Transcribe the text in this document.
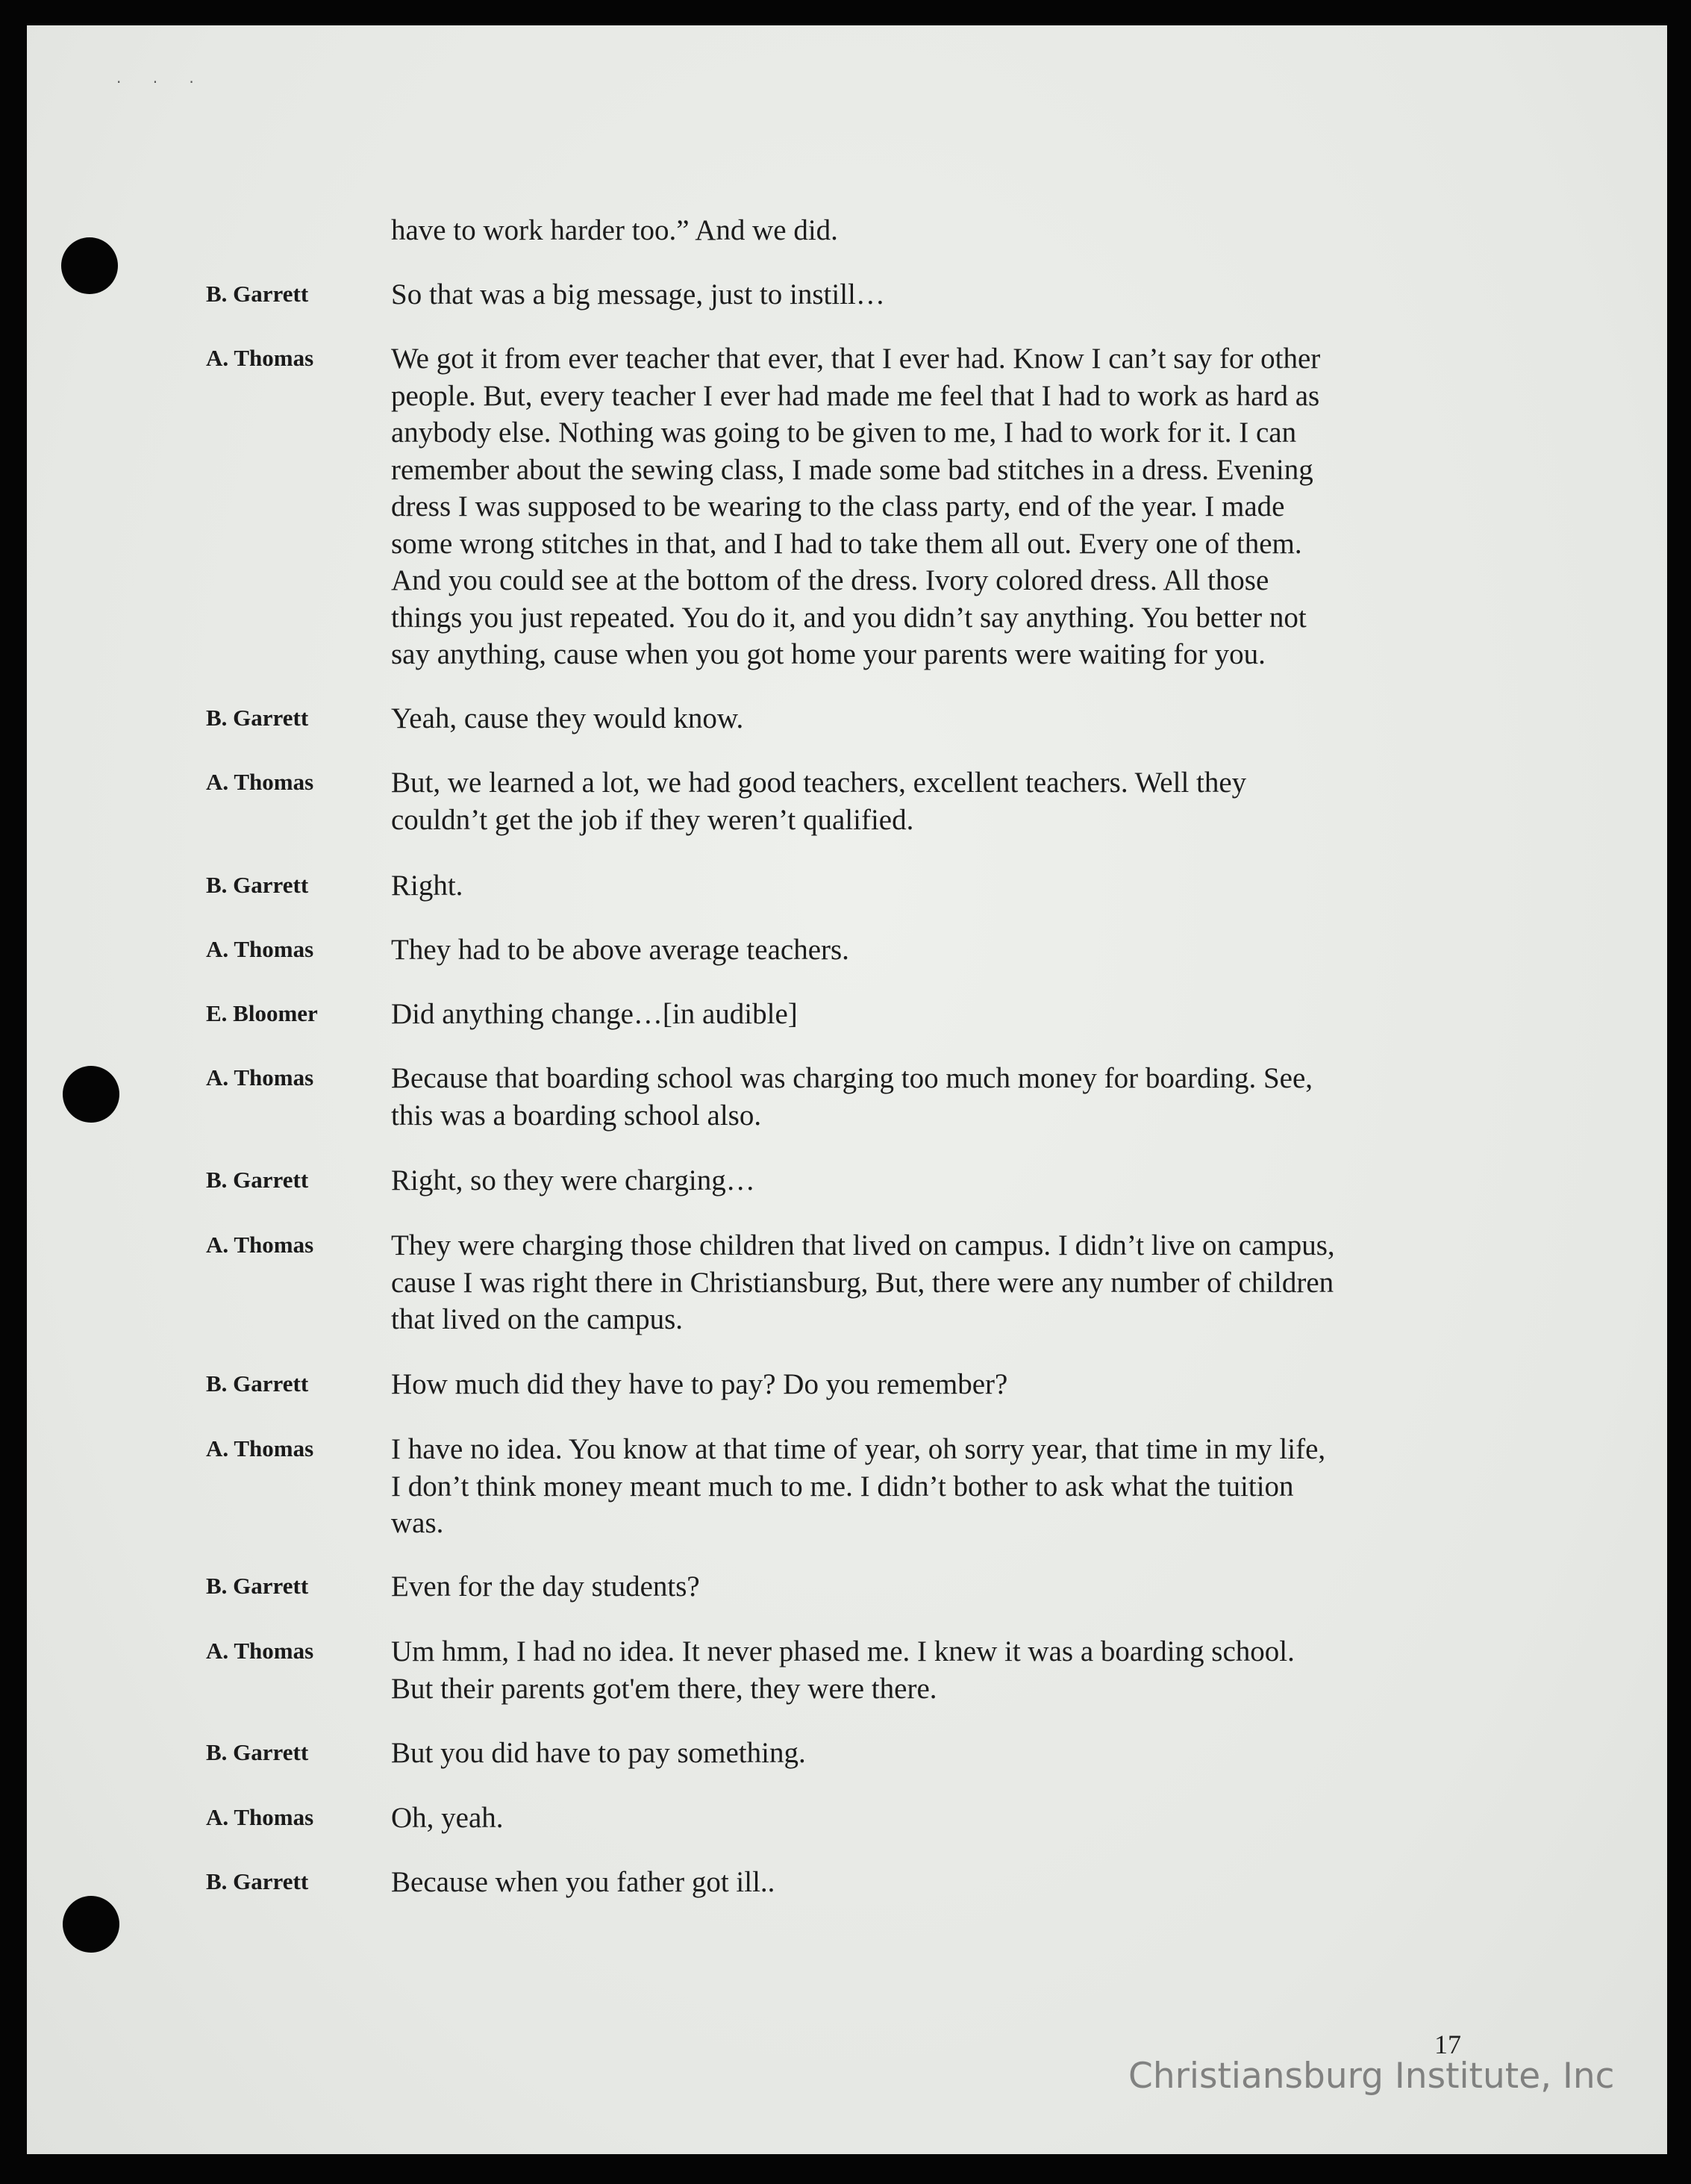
· · ·
have to work harder too.” And we did.
B. Garrett	So that was a big message, just to instill…
A. Thomas	We got it from ever teacher that ever, that I ever had. Know I can’t say for other
people. But, every teacher I ever had made me feel that I had to work as hard as
anybody else. Nothing was going to be given to me, I had to work for it. I can
remember about the sewing class, I made some bad stitches in a dress. Evening
dress I was supposed to be wearing to the class party, end of the year. I made
some wrong stitches in that, and I had to take them all out. Every one of them.
And you could see at the bottom of the dress. Ivory colored dress. All those
things you just repeated. You do it, and you didn’t say anything. You better not
say anything, cause when you got home your parents were waiting for you.
B. Garrett	Yeah, cause they would know.
A. Thomas	But, we learned a lot, we had good teachers, excellent teachers. Well they
couldn’t get the job if they weren’t qualified.
B. Garrett	Right.
A. Thomas	They had to be above average teachers.
E. Bloomer	Did anything change…[in audible]
A. Thomas	Because that boarding school was charging too much money for boarding. See,
this was a boarding school also.
B. Garrett	Right, so they were charging…
A. Thomas	They were charging those children that lived on campus. I didn’t live on campus,
cause I was right there in Christiansburg, But, there were any number of children
that lived on the campus.
B. Garrett	How much did they have to pay? Do you remember?
A. Thomas	I have no idea. You know at that time of year, oh sorry year, that time in my life,
I don’t think money meant much to me. I didn’t bother to ask what the tuition
was.
B. Garrett	Even for the day students?
A. Thomas	Um hmm, I had no idea. It never phased me. I knew it was a boarding school.
But their parents got'em there, they were there.
B. Garrett	But you did have to pay something.
A. Thomas	Oh, yeah.
B. Garrett	Because when you father got ill..
17
Christiansburg Institute, Inc
